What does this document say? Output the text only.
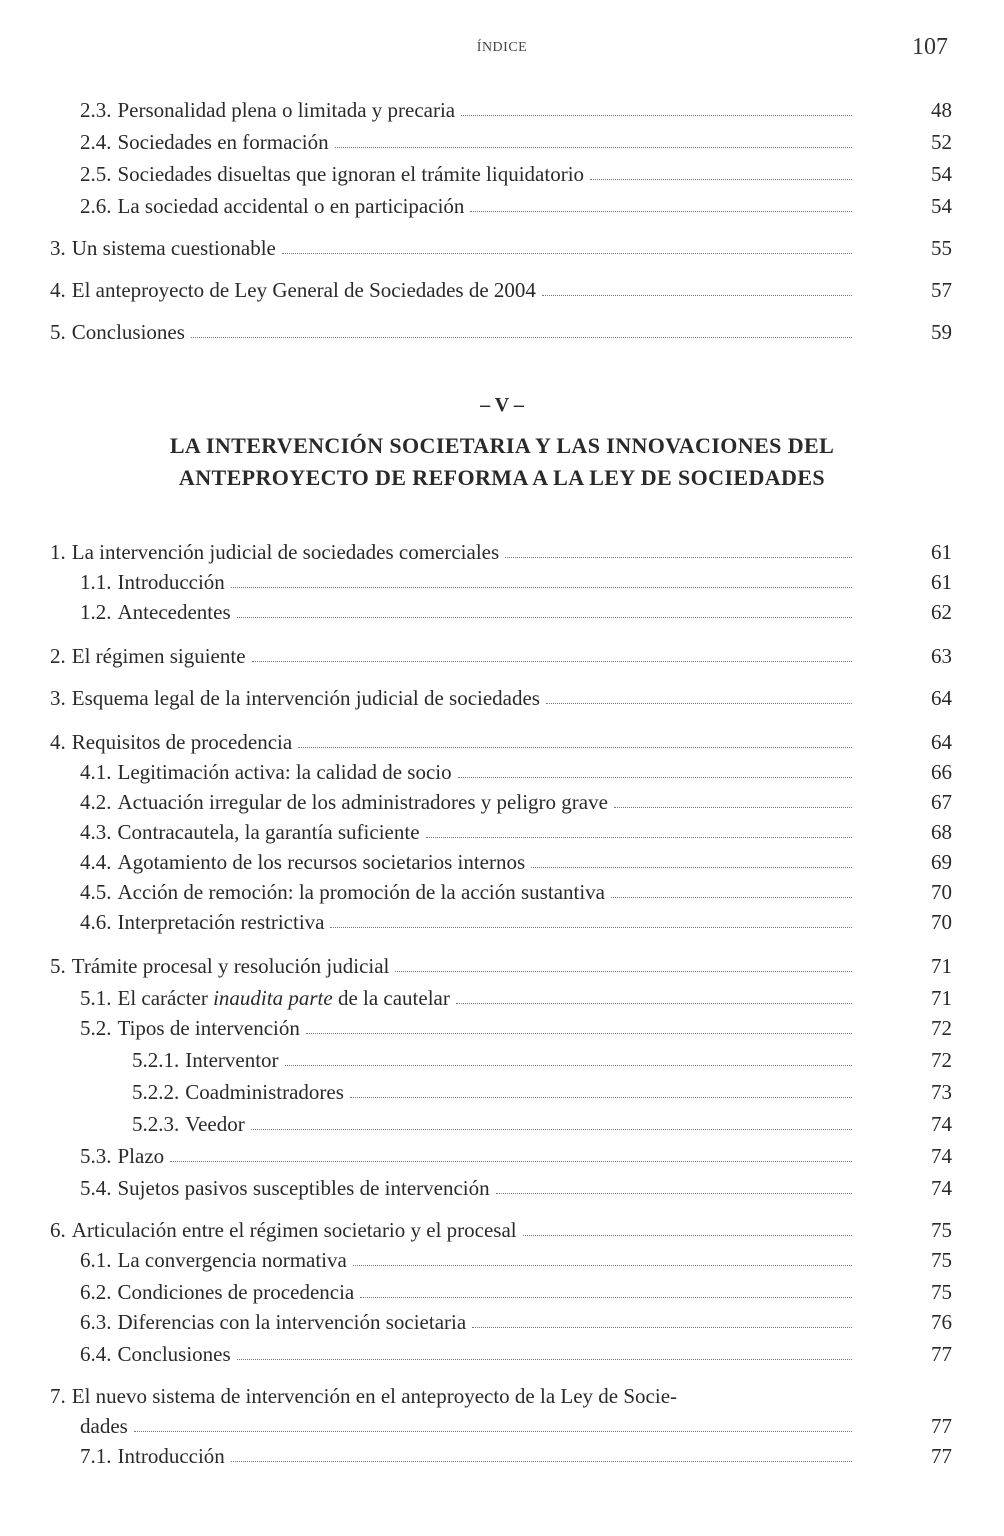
ÍNDICE	107
2.3. Personalidad plena o limitada y precaria	48
2.4. Sociedades en formación	52
2.5. Sociedades disueltas que ignoran el trámite liquidatorio	54
2.6. La sociedad accidental o en participación	54
3. Un sistema cuestionable	55
4. El anteproyecto de Ley General de Sociedades de 2004	57
5. Conclusiones	59
– V –
LA INTERVENCIÓN SOCIETARIA Y LAS INNOVACIONES DEL
ANTEPROYECTO DE REFORMA A LA LEY DE SOCIEDADES
1. La intervención judicial de sociedades comerciales	61
1.1. Introducción	61
1.2. Antecedentes	62
2. El régimen siguiente	63
3. Esquema legal de la intervención judicial de sociedades	64
4. Requisitos de procedencia	64
4.1. Legitimación activa: la calidad de socio	66
4.2. Actuación irregular de los administradores y peligro grave	67
4.3. Contracautela, la garantía suficiente	68
4.4. Agotamiento de los recursos societarios internos	69
4.5. Acción de remoción: la promoción de la acción sustantiva	70
4.6. Interpretación restrictiva	70
5. Trámite procesal y resolución judicial	71
5.1. El carácter inaudita parte de la cautelar	71
5.2. Tipos de intervención	72
5.2.1. Interventor	72
5.2.2. Coadministradores	73
5.2.3. Veedor	74
5.3. Plazo	74
5.4. Sujetos pasivos susceptibles de intervención	74
6. Articulación entre el régimen societario y el procesal	75
6.1. La convergencia normativa	75
6.2. Condiciones de procedencia	75
6.3. Diferencias con la intervención societaria	76
6.4. Conclusiones	77
7. El nuevo sistema de intervención en el anteproyecto de la Ley de Socie-
dades	77
7.1. Introducción	77
